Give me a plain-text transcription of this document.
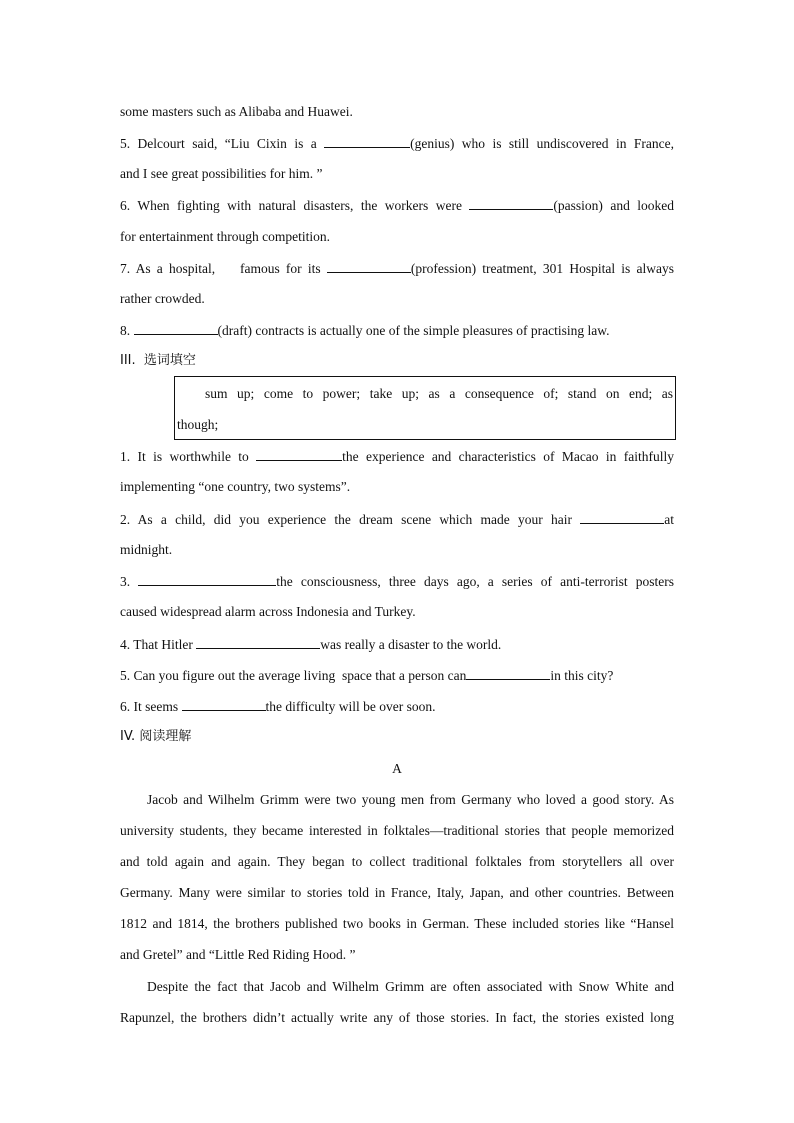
some masters such as Alibaba and Huawei.
5. Delcourt said, “Liu Cixin is a	(genius) who is still undiscovered in France,
and I see great possibilities for him. ”
6. When fighting with natural disasters, the workers were	(passion) and looked
for entertainment through competition.
7. As a hospital,    famous for its	(profession) treatment, 301 Hospital is always
rather crowded.
8.	(draft) contracts is actually one of the simple pleasures of practising law.
III.  选词填空
sum up; come to power; take up; as a consequence of; stand on end; as
though;
1. It is worthwhile to	the experience and characteristics of Macao in faithfully
implementing “one country, two systems”.
2. As a child, did you experience the dream scene which made your hair	at
midnight.
3.	the consciousness, three days ago, a series of anti-terrorist posters
caused widespread alarm across Indonesia and Turkey.
4. That Hitler	was really a disaster to the world.
5. Can you figure out the average living  space that a person can	in this city?
6. It seems	the difficulty will be over soon.
IV. 阅读理解
A
Jacob and Wilhelm Grimm were two young men from Germany who loved a good story. As
university students, they became interested in folktales—traditional stories that people memorized
and told again and again. They began to collect traditional folktales from storytellers all over
Germany. Many were similar to stories told in France, Italy, Japan, and other countries. Between
1812 and 1814, the brothers published two books in German. These included stories like “Hansel
and Gretel” and “Little Red Riding Hood. ”
Despite the fact that Jacob and Wilhelm Grimm are often associated with Snow White and
Rapunzel, the brothers didn’t actually write any of those stories. In fact, the stories existed long
